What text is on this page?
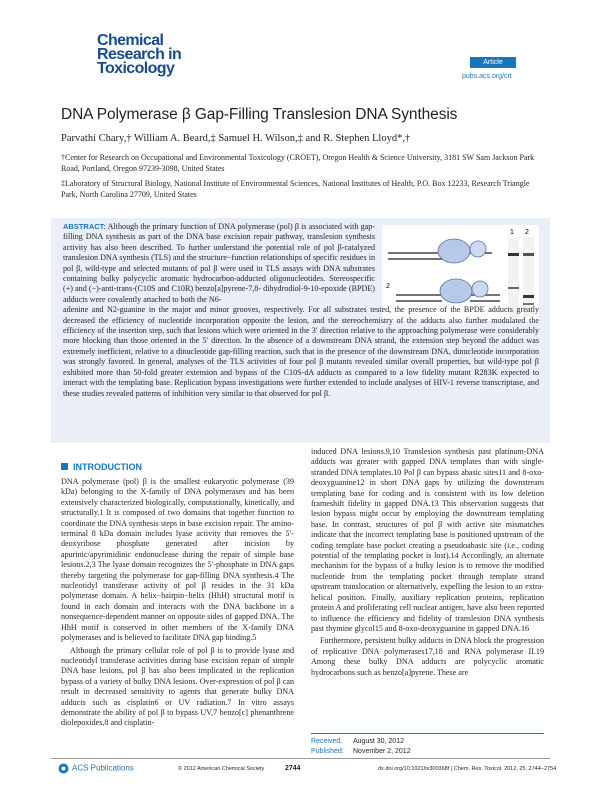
Chemical
Research in
Toxicology	Article
pubs.acs.org/crt
DNA Polymerase β Gap-Filling Translesion DNA Synthesis
Parvathi Chary,† William A. Beard,‡ Samuel H. Wilson,‡ and R. Stephen Lloyd*,†
†Center for Research on Occupational and Environmental Toxicology (CROET), Oregon Health & Science University, 3181 SW Sam Jackson Park Road, Portland, Oregon 97239-3098, United States
‡Laboratory of Structural Biology, National Institute of Environmental Sciences, National Institutes of Health, P.O. Box 12233, Research Triangle Park, North Carolina 27709, United States
1 2
2
ABSTRACT: Although the primary function of DNA polymerase (pol) β is associated with gap-filling DNA synthesis as part of the DNA base excision repair pathway, translesion synthesis activity has also been described. To further understand the potential role of pol β-catalyzed translesion DNA synthesis (TLS) and the structure−function relationships of specific residues in pol β, wild-type and selected mutants of pol β were used in TLS assays with DNA substrates containing bulky polycyclic aromatic hydrocarbon-adducted oligonucleotides. Stereospecific (+) and (−)-anti-trans-(C10S and C10R) benzo[a]pyrene-7,8- dihydrodiol-9-10-epoxide (BPDE) adducts were covalently attached to both the N6-
adenine and N2-guanine in the major and minor grooves, respectively. For all substrates tested, the presence of the BPDE adducts greatly decreased the efficiency of nucleotide incorporation opposite the lesion, and the stereochemistry of the adducts also further modulated the efficiency of the insertion step, such that lesions which were oriented in the 3′ direction relative to the approaching polymerase were considerably more blocking than those oriented in the 5′ direction. In the absence of a downstream DNA strand, the extension step beyond the adduct was extremely inefficient, relative to a dinucleotide gap-filling reaction, such that in the presence of the downstream DNA, dinucleotide incorporation was strongly favored. In general, analyses of the TLS activities of four pol β mutants revealed similar overall properties, but wild-type pol β exhibited more than 50-fold greater extension and bypass of the C10S-dA adducts as compared to a low fidelity mutant R283K expected to interact with the templating base. Replication bypass investigations were further extended to include analyses of HIV-1 reverse transcriptase, and these studies revealed patterns of inhibition very similar to that observed for pol β.
INTRODUCTION

DNA polymerase (pol) β is the smallest eukaryotic polymerase (39 kDa) belonging to the X-family of DNA polymerases and has been extensively characterized biologically, computationally, kinetically, and structurally.1 It is composed of two domains that together function to coordinate the DNA synthesis steps in base excision repair. The amino-terminal 8 kDa domain includes lyase activity that removes the 5′-deoxyribose phosphate generated after incision by apurinic/apyrimidinic endonuclease during the repair of simple base lesions.2,3 The lyase domain recognizes the 5′-phosphate in DNA gaps thereby targeting the polymerase for gap-filling DNA synthesis.4 The nucleotidyl transferase activity of pol β resides in the 31 kDa polymerase domain. A helix−hairpin−helix (HhH) structural motif is found in each domain and interacts with the DNA backbone in a nonsequence-dependent manner on opposite sides of gapped DNA. The HhH motif is conserved in other members of the X-family DNA polymerases and is believed to facilitate DNA gap binding.5

Although the primary cellular role of pol β is to provide lyase and nucleotidyl transferase activities during base excision repair of simple DNA base lesions, pol β has also been implicated in the replication bypass of a variety of bulky DNA lesions. Over-expression of pol β can result in decreased sensitivity to agents that generate bulky DNA adducts such as cisplatin6 or UV radiation.7 In vitro assays demonstrate the ability of pol β to bypass UV,7 benzo[c] phenanthrene diolepoxides,8 and cisplatin-

induced DNA lesions.9,10 Translesion synthesis past platinum-DNA adducts was greater with gapped DNA templates than with single-stranded DNA templates.10 Pol β can bypass abasic sites11 and 8-oxo-deoxyguanine12 in short DNA gaps by utilizing the downstream templating base for coding and is consistent with its low deletion frameshift fidelity in gapped DNA.13 This observation suggests that lesion bypass might occur by employing the downstream templating base. In contrast, structures of pol β with active site mismatches indicate that the incorrect templating base is positioned upstream of the coding template base pocket creating a pseudoabasic site (i.e., coding potential of the templating pocket is lost).14 Accordingly, an alternate mechanism for the bypass of a bulky lesion is to remove the modified nucleotide from the templating pocket through template strand upstream translocation or alternatively, expelling the lesion to an extra-helical position. Finally, auxiliary replication proteins, replication protein A and proliferating cell nuclear antigen, have also been reported to influence the efficiency and fidelity of translesion DNA synthesis past thymine glycol15 and 8-oxo-deoxyguanine in gapped DNA.16

Furthermore, persistent bulky adducts in DNA block the progression of replicative DNA polymerases17,18 and RNA polymerase II.19 Among these bulky DNA adducts are polycyclic aromatic hydrocarbons such as benzo[a]pyrene. These are

Received: August 30, 2012
Published: November 2, 2012
ACS Publications	© 2012 American Chemical Society	2744	dx.doi.org/10.1021/tx300368f | Chem. Res. Toxicol. 2012, 25, 2744−2754
